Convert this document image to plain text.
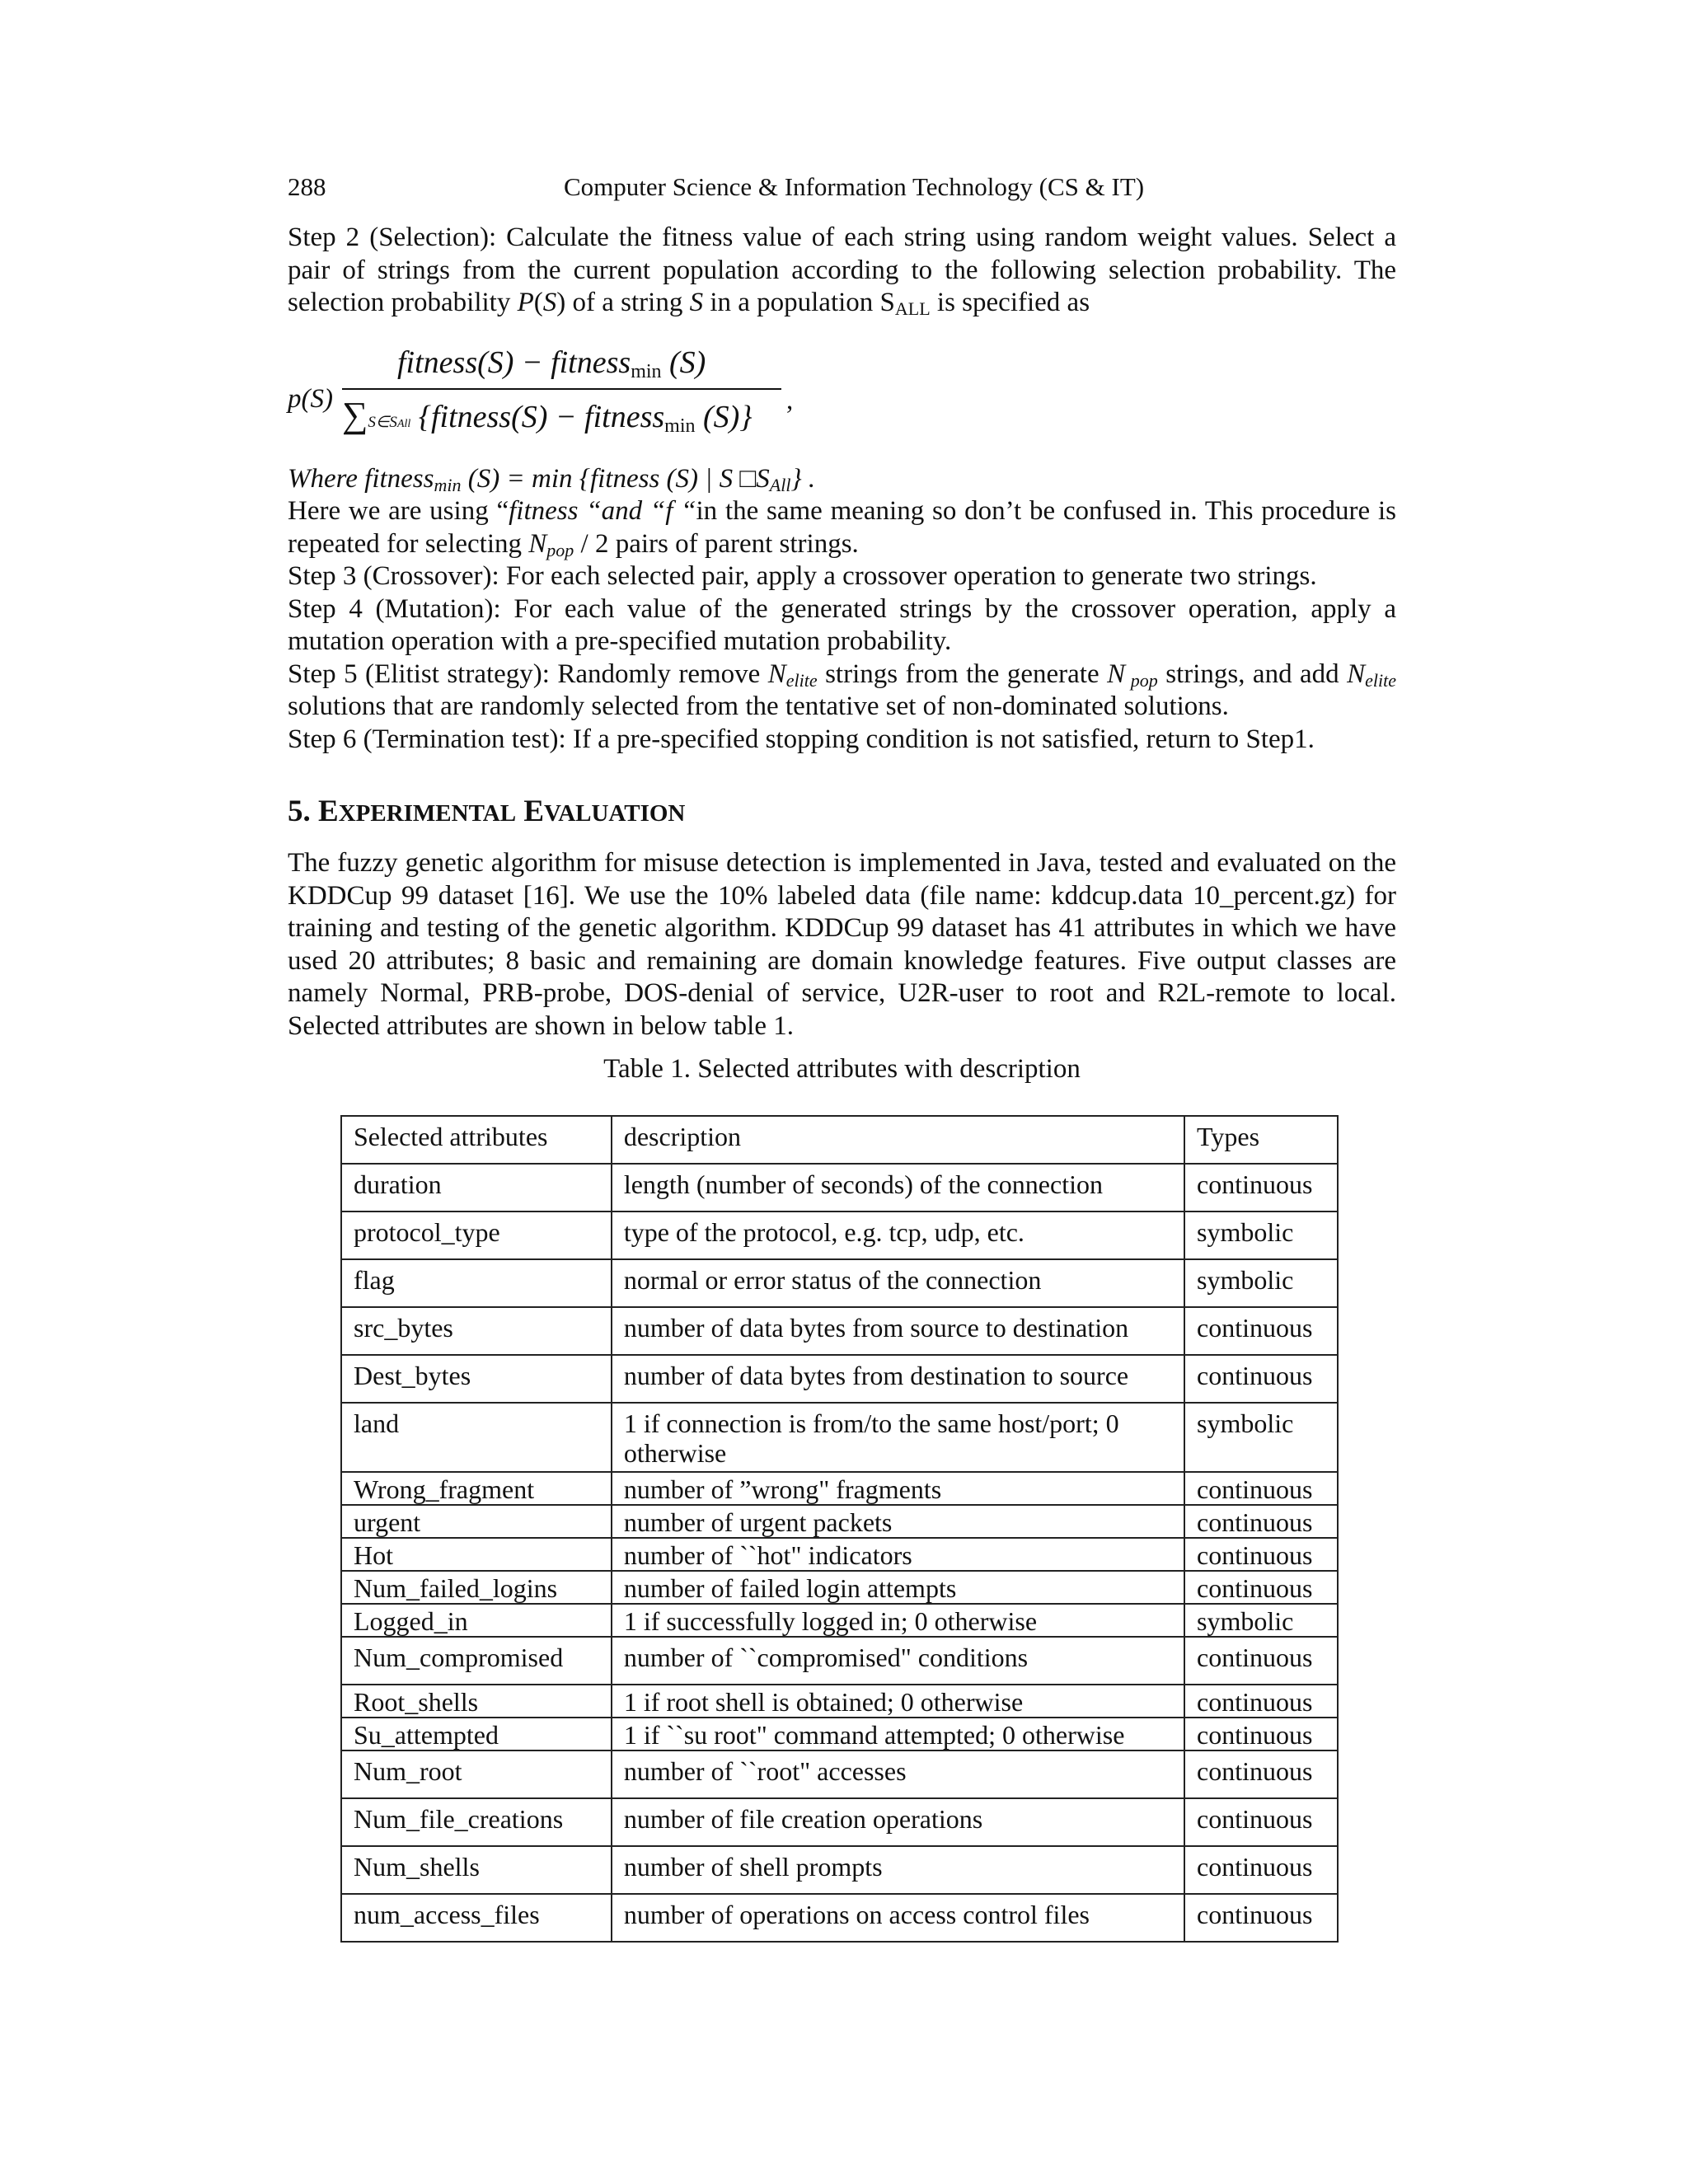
288	Computer Science & Information Technology (CS & IT)

Step 2 (Selection): Calculate the fitness value of each string using random weight values. Select a pair of strings from the current population according to the following selection probability. The selection probability P(S) of a string S in a population $S_{ALL}$ is specified as

p(S)
fitness(S) − fitnessmin (S)
∑S∈SAll {fitness(S) − fitnessmin (S)} ,

Where fitness$_{min}$ (S) = min {fitness (S) | S $□S_{All}$} .

Here we are using “fitness “and “f “in the same meaning so don’t be confused in. This procedure is repeated for selecting $N_{pop} / 2$ pairs of parent strings.

Step 3 (Crossover): For each selected pair, apply a crossover operation to generate two strings.

Step 4 (Mutation): For each value of the generated strings by the crossover operation, apply a mutation operation with a pre-specified mutation probability.

Step 5 (Elitist strategy): Randomly remove $N_{elite}$ strings from the generate N $_{pop}$ strings, and add $N_{elite}$ solutions that are randomly selected from the tentative set of non-dominated solutions.

Step 6 (Termination test): If a pre-specified stopping condition is not satisfied, return to Step1.

5. EXPERIMENTAL EVALUATION

The fuzzy genetic algorithm for misuse detection is implemented in Java, tested and evaluated on the KDDCup 99 dataset [16]. We use the 10% labeled data (file name: kddcup.data 10_percent.gz) for training and testing of the genetic algorithm. KDDCup 99 dataset has 41 attributes in which we have used 20 attributes; 8 basic and remaining are domain knowledge features. Five output classes are namely Normal, PRB-probe, DOS-denial of service, U2R-user to root and R2L-remote to local. Selected attributes are shown in below table 1.

Table 1. Selected attributes with description
Selected attributes	description	Types
duration	length (number of seconds) of the connection	continuous
protocol_type	type of the protocol, e.g. tcp, udp, etc.	symbolic
flag	normal or error status of the connection	symbolic
src_bytes	number of data bytes from source to destination	continuous
Dest_bytes	number of data bytes from destination to source	continuous
land	1 if connection is from/to the same host/port; 0 otherwise	symbolic
Wrong_fragment	number of ”wrong" fragments	continuous
urgent	number of urgent packets	continuous
Hot	number of ``hot" indicators	continuous
Num_failed_logins	number of failed login attempts	continuous
Logged_in	1 if successfully logged in; 0 otherwise	symbolic
Num_compromised	number of ``compromised" conditions	continuous
Root_shells	1 if root shell is obtained; 0 otherwise	continuous
Su_attempted	1 if ``su root" command attempted; 0 otherwise	continuous
Num_root	number of ``root" accesses	continuous
Num_file_creations	number of file creation operations	continuous
Num_shells	number of shell prompts	continuous
num_access_files	number of operations on access control files	continuous
